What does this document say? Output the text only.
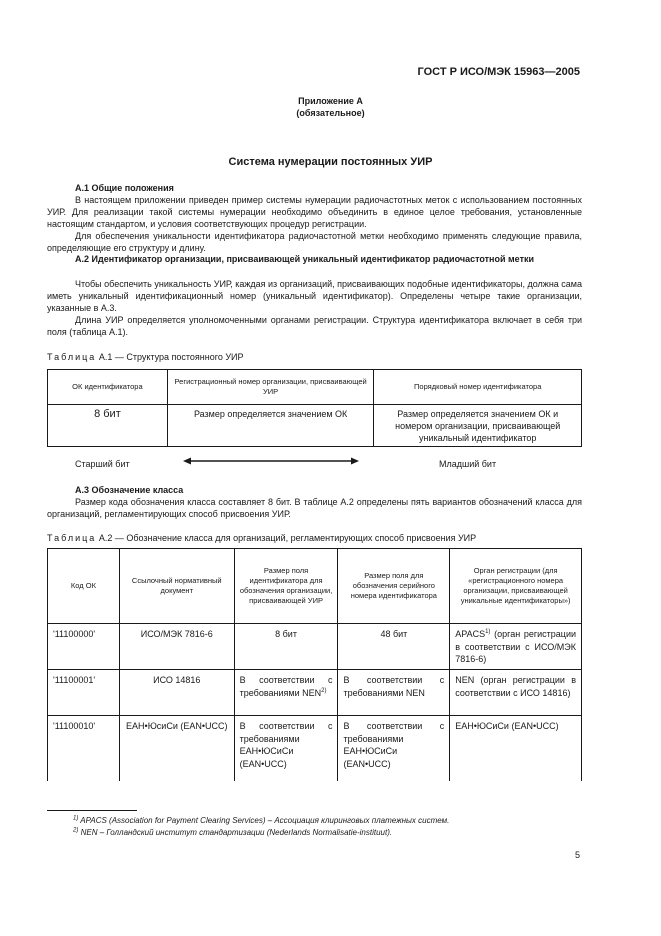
ГОСТ Р ИСО/МЭК 15963—2005
Приложение А
(обязательное)
Система нумерации постоянных УИР
А.1 Общие положения

В настоящем приложении приведен пример системы нумерации радиочастотных меток с использованием постоянных УИР. Для реализации такой системы нумерации необходимо объединить в единое целое требования, установленные настоящим стандартом, и условия соответствующих процедур регистрации.

Для обеспечения уникальности идентификатора радиочастотной метки необходимо применять следующие правила, определяющие его структуру и длину.

А.2 Идентификатор организации, присваивающей уникальный идентификатор радиочастотной метки

Чтобы обеспечить уникальность УИР, каждая из организаций, присваивающих подобные идентификаторы, должна сама иметь уникальный идентификационный номер (уникальный идентификатор). Определены четыре такие организации, указанные в А.3.

Длина УИР определяется уполномоченными органами регистрации. Структура идентификатора включает в себя три поля (таблица А.1).

Таблица А.1 — Структура постоянного УИР
ОК идентификатора	Регистрационный номер организации, присваивающей УИР	Порядковый номер идентификатора
8 бит	Размер определяется значением ОК	Размер определяется значением ОК и номером организации, присваивающей уникальный идентификатор
Старший бит	Младший бит
А.3 Обозначение класса

Размер кода обозначения класса составляет 8 бит. В таблице А.2 определены пять вариантов обозначений класса для организаций, регламентирующих способ присвоения УИР.

Таблица А.2 — Обозначение класса для организаций, регламентирующих способ присвоения УИР
Код ОК	Ссылочный нормативный документ	Размер поля идентификатора для обозначения организации, присваивающей УИР	Размер поля для обозначения серийного номера идентификатора	Орган регистрации (для «регистрационного номера организации, присваивающей уникальные идентификаторы»)
'11100000'	ИСО/МЭК 7816-6	8 бит	48 бит	APACS$^{1)}$ (орган регистрации в соответствии с ИСО/МЭК 7816-6)
'11100001'	ИСО 14816	В соответствии с требованиями NEN$^{2)}$	В соответствии с требованиями NEN	NEN (орган регистрации в соответствии с ИСО 14816)
'11100010'	ЕАН•ЮсиСи (EAN•UCC)	В соответствии с требованиями ЕАН•ЮСиСи (EAN•UCC)	В соответствии с требованиями ЕАН•ЮСиСи (EAN•UCC)	ЕАН•ЮСиСи (EAN•UCC)
$^{1)}$ APACS (Association for Payment Clearing Services) – Ассоциация клиринговых платежных систем.
$^{2)}$ NEN – Голландский институт стандартизации (Nederlands Normalisatie-instituut).
5
